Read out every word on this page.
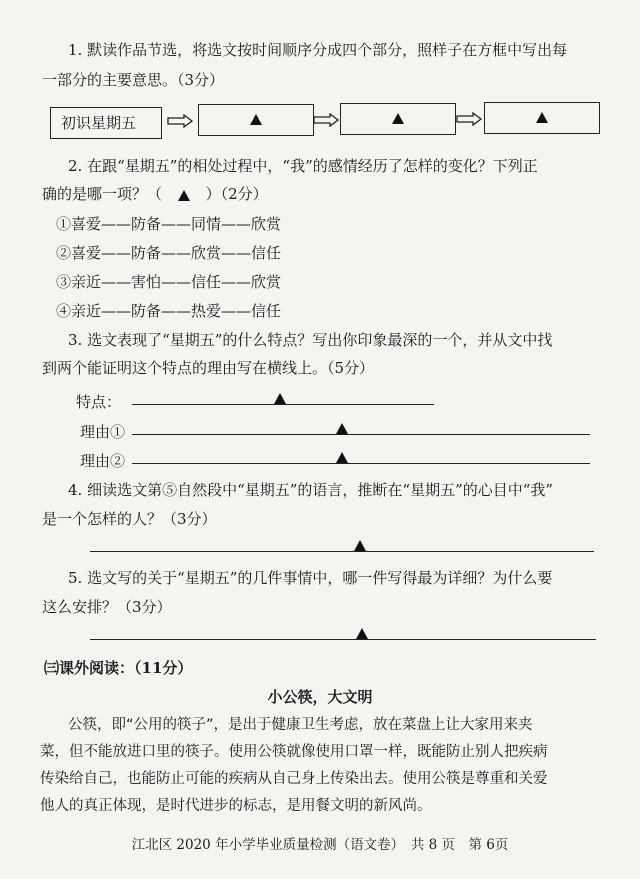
1. 默读作品节选，将选文按时间顺序分成四个部分，照样子在方框中写出每
一部分的主要意思。（3分）
初识星期五
2. 在跟“星期五”的相处过程中，“我”的感情经历了怎样的变化？下列正
确的是哪一项？（	）（2分）
①喜爱——防备——同情——欣赏
②喜爱——防备——欣赏——信任
③亲近——害怕——信任——欣赏
④亲近——防备——热爱——信任
3. 选文表现了“星期五”的什么特点？写出你印象最深的一个，并从文中找
到两个能证明这个特点的理由写在横线上。（5分）
特点：
理由①
理由②
4. 细读选文第⑤自然段中“星期五”的语言，推断在“星期五”的心目中“我”
是一个怎样的人？（3分）
5. 选文写的关于“星期五”的几件事情中，哪一件写得最为详细？为什么要
这么安排？（3分）
㈢课外阅读：（11分）
小公筷，大文明
公筷，即“公用的筷子”，是出于健康卫生考虑，放在菜盘上让大家用来夹
菜，但不能放进口里的筷子。使用公筷就像使用口罩一样，既能防止别人把疾病
传染给自己，也能防止可能的疾病从自己身上传染出去。使用公筷是尊重和关爱
他人的真正体现，是时代进步的标志，是用餐文明的新风尚。
江北区 2020 年小学毕业质量检测（语文卷）　共 8 页　第 6页
